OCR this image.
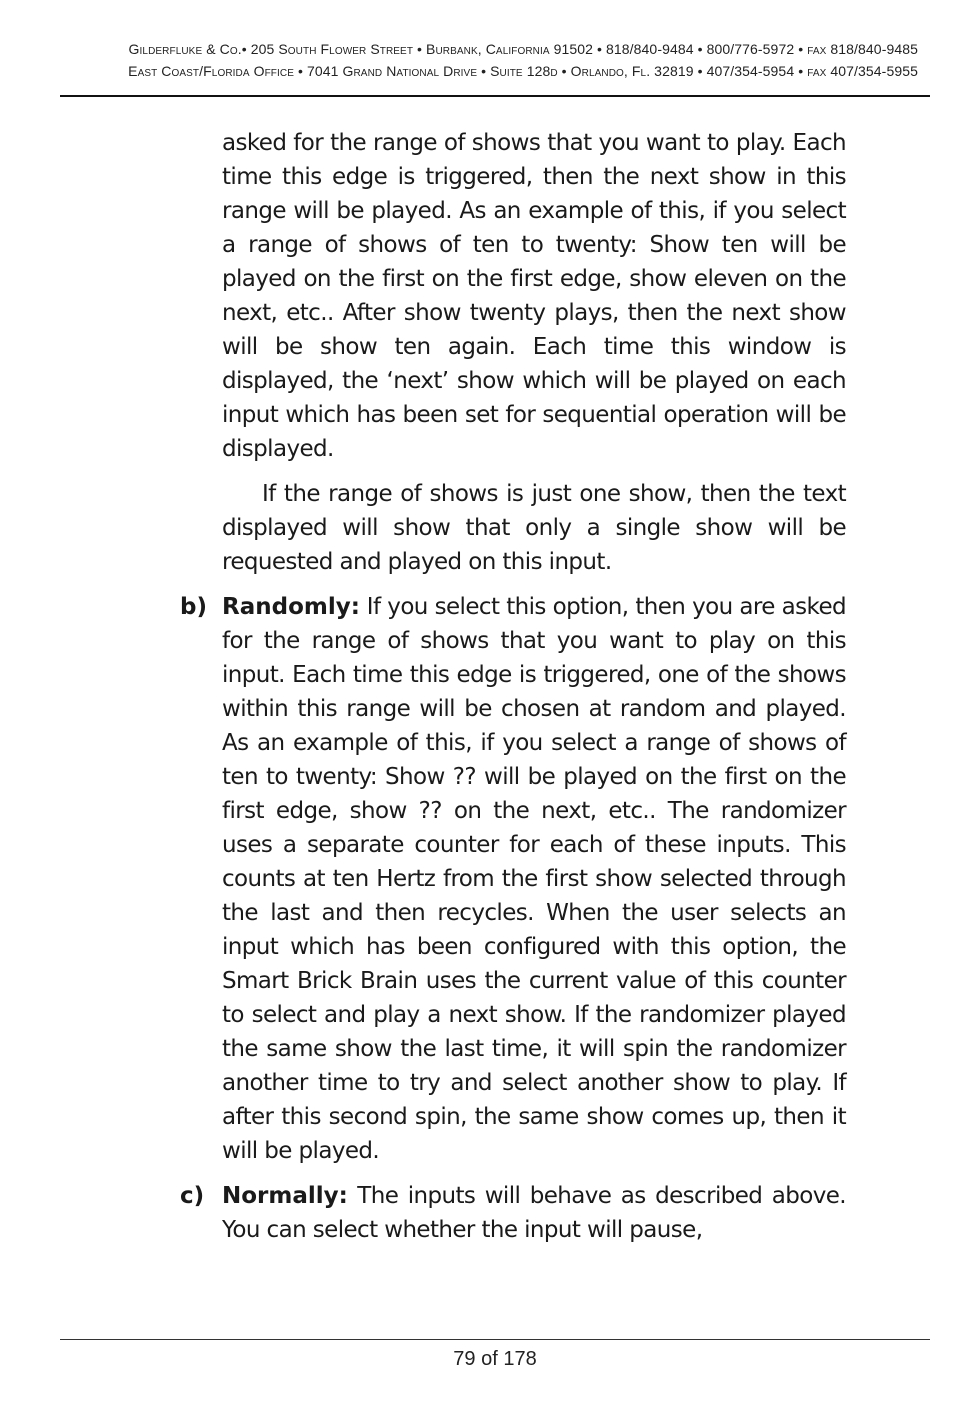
Gilderfluke & Co.• 205 South Flower Street • Burbank, California 91502 • 818/840-9484 • 800/776-5972 • fax 818/840-9485
East Coast/Florida Office • 7041 Grand National Drive • Suite 128d • Orlando, Fl. 32819 • 407/354-5954 • fax 407/354-5955

asked for the range of shows that you want to play. Each time this edge is triggered, then the next show in this range will be played. As an example of this, if you select a range of shows of ten to twenty: Show ten will be played on the first on the first edge, show eleven on the next, etc.. After show twenty plays, then the next show will be show ten again. Each time this window is displayed, the ‘next’ show which will be played on each input which has been set for sequential operation will be displayed.

If the range of shows is just one show, then the text displayed will show that only a single show will be requested and played on this input.

b) Randomly: If you select this option, then you are asked for the range of shows that you want to play on this input. Each time this edge is triggered, one of the shows within this range will be chosen at random and played. As an example of this, if you select a range of shows of ten to twenty: Show ?? will be played on the first on the first edge, show ?? on the next, etc.. The randomizer uses a separate counter for each of these inputs. This counts at ten Hertz from the first show selected through the last and then recycles. When the user selects an input which has been configured with this option, the Smart Brick Brain uses the current value of this counter to select and play a next show. If the randomizer played the same show the last time, it will spin the randomizer another time to try and select another show to play. If after this second spin, the same show comes up, then it will be played.

c) Normally: The inputs will behave as described above. You can select whether the input will pause,

79 of 178
